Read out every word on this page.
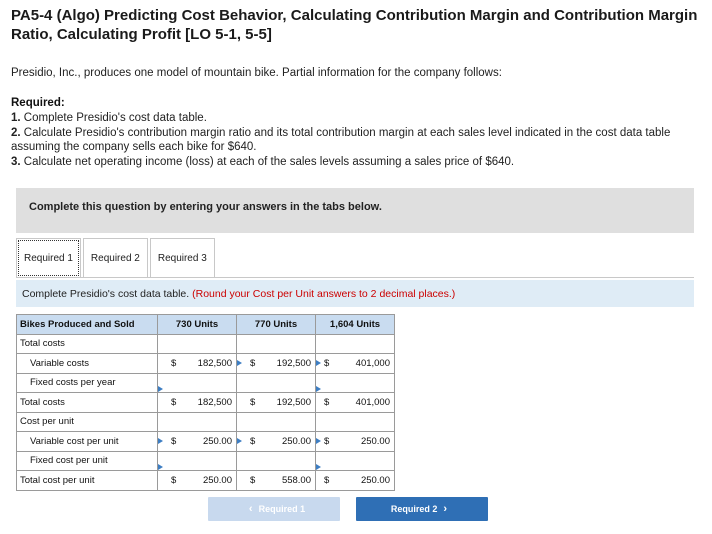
PA5-4 (Algo) Predicting Cost Behavior, Calculating Contribution Margin and Contribution Margin Ratio, Calculating Profit [LO 5-1, 5-5]
Presidio, Inc., produces one model of mountain bike. Partial information for the company follows:
Required:
1. Complete Presidio's cost data table.
2. Calculate Presidio's contribution margin ratio and its total contribution margin at each sales level indicated in the cost data table assuming the company sells each bike for $640.
3. Calculate net operating income (loss) at each of the sales levels assuming a sales price of $640.
Complete this question by entering your answers in the tabs below.
Required 1	Required 2	Required 3
Complete Presidio's cost data table. (Round your Cost per Unit answers to 2 decimal places.)
Bikes Produced and Sold	730 Units	770 Units	1,604 Units
Total costs			
Variable costs	$ 182,500	$ 192,500	$ 401,000

Fixed costs per year	

Total costs	$ 182,500	$ 192,500	$ 401,000

Cost per unit			
Variable cost per unit	$ 250.00	$ 250.00	$ 250.00

Fixed cost per unit	

Total cost per unit	$ 250.00	$ 558.00	$ 250.00
‹ Required 1	Required 2 ›
